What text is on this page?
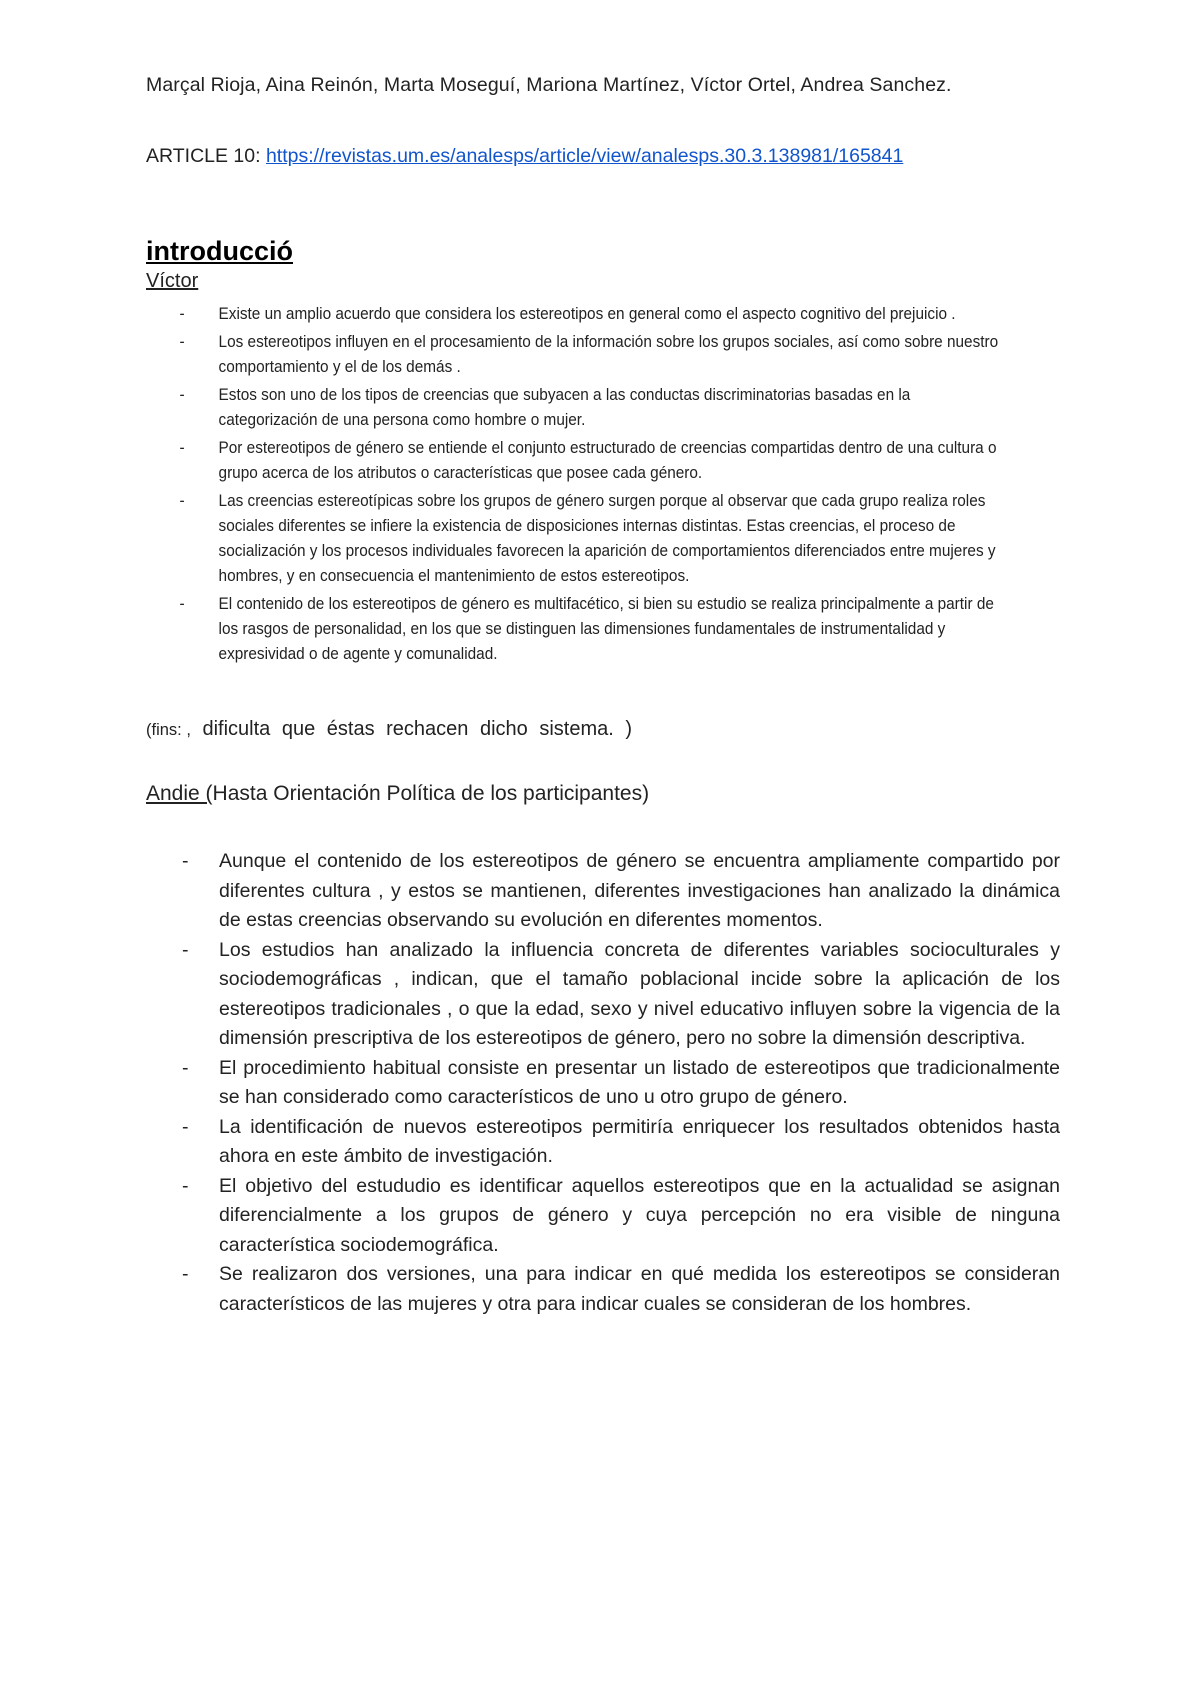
Marçal Rioja, Aina Reinón, Marta Moseguí, Mariona Martínez, Víctor Ortel, Andrea Sanchez.
ARTICLE 10: https://revistas.um.es/analesps/article/view/analesps.30.3.138981/165841
introducció
Víctor
- Existe un amplio acuerdo que considera los estereotipos en general como el aspecto cognitivo del prejuicio .
- Los estereotipos influyen en el procesamiento de la información sobre los grupos sociales, así como sobre nuestro comportamiento y el de los demás .
- Estos son uno de los tipos de creencias que subyacen a las conductas discriminatorias basadas en la categorización de una persona como hombre o mujer.
- Por estereotipos de género se entiende el conjunto estructurado de creencias compartidas dentro de una cultura o grupo acerca de los atributos o características que posee cada género.
- Las creencias estereotípicas sobre los grupos de género surgen porque al observar que cada grupo realiza roles sociales diferentes se infiere la existencia de disposiciones internas distintas. Estas creencias, el proceso de socialización y los procesos individuales favorecen la aparición de comportamientos diferenciados entre mujeres y hombres, y en consecuencia el mantenimiento de estos estereotipos.
- El contenido de los estereotipos de género es multifacético, si bien su estudio se realiza principalmente a partir de los rasgos de personalidad, en los que se distinguen las dimensiones fundamentales de instrumentalidad y expresividad o de agente y comunalidad.
(fins: , dificulta que éstas rechacen dicho sistema. )
Andie (Hasta Orientación Política de los participantes)
- Aunque el contenido de los estereotipos de género se encuentra ampliamente compartido por diferentes cultura , y estos se mantienen, diferentes investigaciones han analizado la dinámica de estas creencias observando su evolución en diferentes momentos.
- Los estudios han analizado la influencia concreta de diferentes variables socioculturales y sociodemográficas , indican, que el tamaño poblacional incide sobre la aplicación de los estereotipos tradicionales , o que la edad, sexo y nivel educativo influyen sobre la vigencia de la dimensión prescriptiva de los estereotipos de género, pero no sobre la dimensión descriptiva.
- El procedimiento habitual consiste en presentar un listado de estereotipos que tradicionalmente se han considerado como característicos de uno u otro grupo de género.
- La identificación de nuevos estereotipos permitiría enriquecer los resultados obtenidos hasta ahora en este ámbito de investigación.
- El objetivo del estududio es identificar aquellos estereotipos que en la actualidad se asignan diferencialmente a los grupos de género y cuya percepción no era visible de ninguna característica sociodemográfica.
- Se realizaron dos versiones, una para indicar en qué medida los estereotipos se consideran característicos de las mujeres y otra para indicar cuales se consideran de los hombres.
